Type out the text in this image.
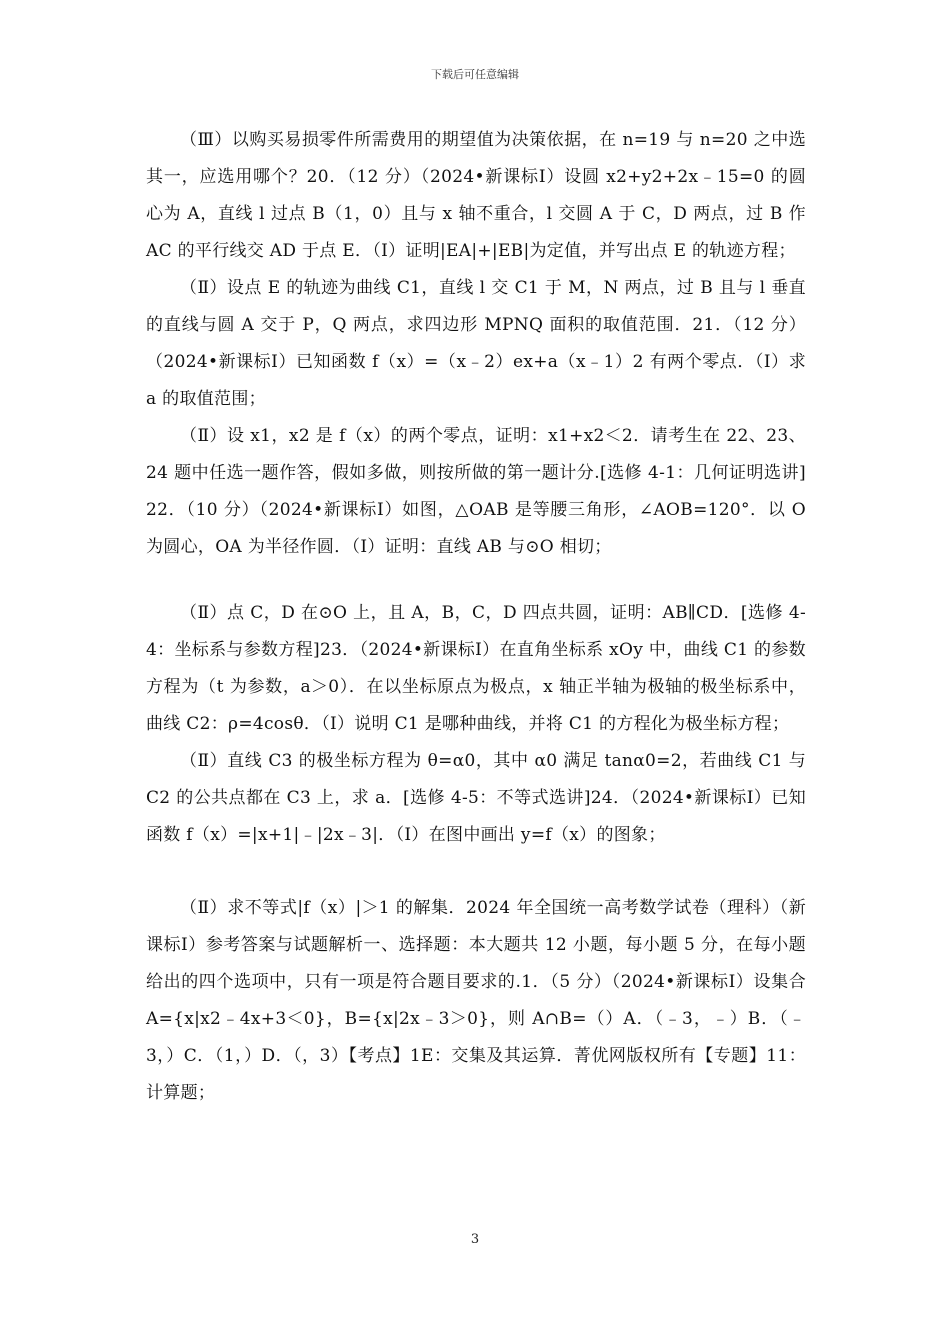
下载后可任意编辑

（Ⅲ）以购买易损零件所需费用的期望值为决策依据，在 n=19 与 n=20 之中选其一，应选用哪个？20．（12 分）（2024•新课标Ⅰ）设圆 x2+y2+2x﹣15=0 的圆心为 A，直线 l 过点 B（1，0）且与 x 轴不重合，l 交圆 A 于 C，D 两点，过 B 作 AC 的平行线交 AD 于点 E．（Ⅰ）证明|EA|+|EB|为定值，并写出点 E 的轨迹方程；

（Ⅱ）设点 E 的轨迹为曲线 C1，直线 l 交 C1 于 M，N 两点，过 B 且与 l 垂直的直线与圆 A 交于 P，Q 两点，求四边形 MPNQ 面积的取值范围．21．（12 分）（2024•新课标Ⅰ）已知函数 f（x）=（x﹣2）ex+a（x﹣1）2 有两个零点．（Ⅰ）求 a 的取值范围；

（Ⅱ）设 x1，x2 是 f（x）的两个零点，证明：x1+x2＜2．请考生在 22、23、24 题中任选一题作答，假如多做，则按所做的第一题计分.[选修 4-1：几何证明选讲]22．（10 分）（2024•新课标Ⅰ）如图，△OAB 是等腰三角形，∠AOB=120°．以 O 为圆心，OA 为半径作圆．（Ⅰ）证明：直线 AB 与⊙O 相切；

（Ⅱ）点 C，D 在⊙O 上，且 A，B，C，D 四点共圆，证明：AB∥CD．[选修 4-4：坐标系与参数方程]23．（2024•新课标Ⅰ）在直角坐标系 xOy 中，曲线 C1 的参数方程为（t 为参数，a＞0）．在以坐标原点为极点，x 轴正半轴为极轴的极坐标系中，曲线 C2：ρ=4cosθ．（Ⅰ）说明 C1 是哪种曲线，并将 C1 的方程化为极坐标方程；

（Ⅱ）直线 C3 的极坐标方程为 θ=α0，其中 α0 满足 tanα0=2，若曲线 C1 与 C2 的公共点都在 C3 上，求 a．[选修 4-5：不等式选讲]24．（2024•新课标Ⅰ）已知函数 f（x）=|x+1|﹣|2x﹣3|．（Ⅰ）在图中画出 y=f（x）的图象；

（Ⅱ）求不等式|f（x）|＞1 的解集．2024 年全国统一高考数学试卷（理科）（新课标Ⅰ）参考答案与试题解析一、选择题：本大题共 12 小题，每小题 5 分，在每小题给出的四个选项中，只有一项是符合题目要求的.1．（5 分）（2024•新课标Ⅰ）设集合 A={x|x2﹣4x+3＜0}，B={x|2x﹣3＞0}，则 A∩B=（）A．（﹣3，﹣）B．（﹣3，）C．（1，）D．（，3）【考点】1E：交集及其运算．菁优网版权所有【专题】11：计算题；

3
